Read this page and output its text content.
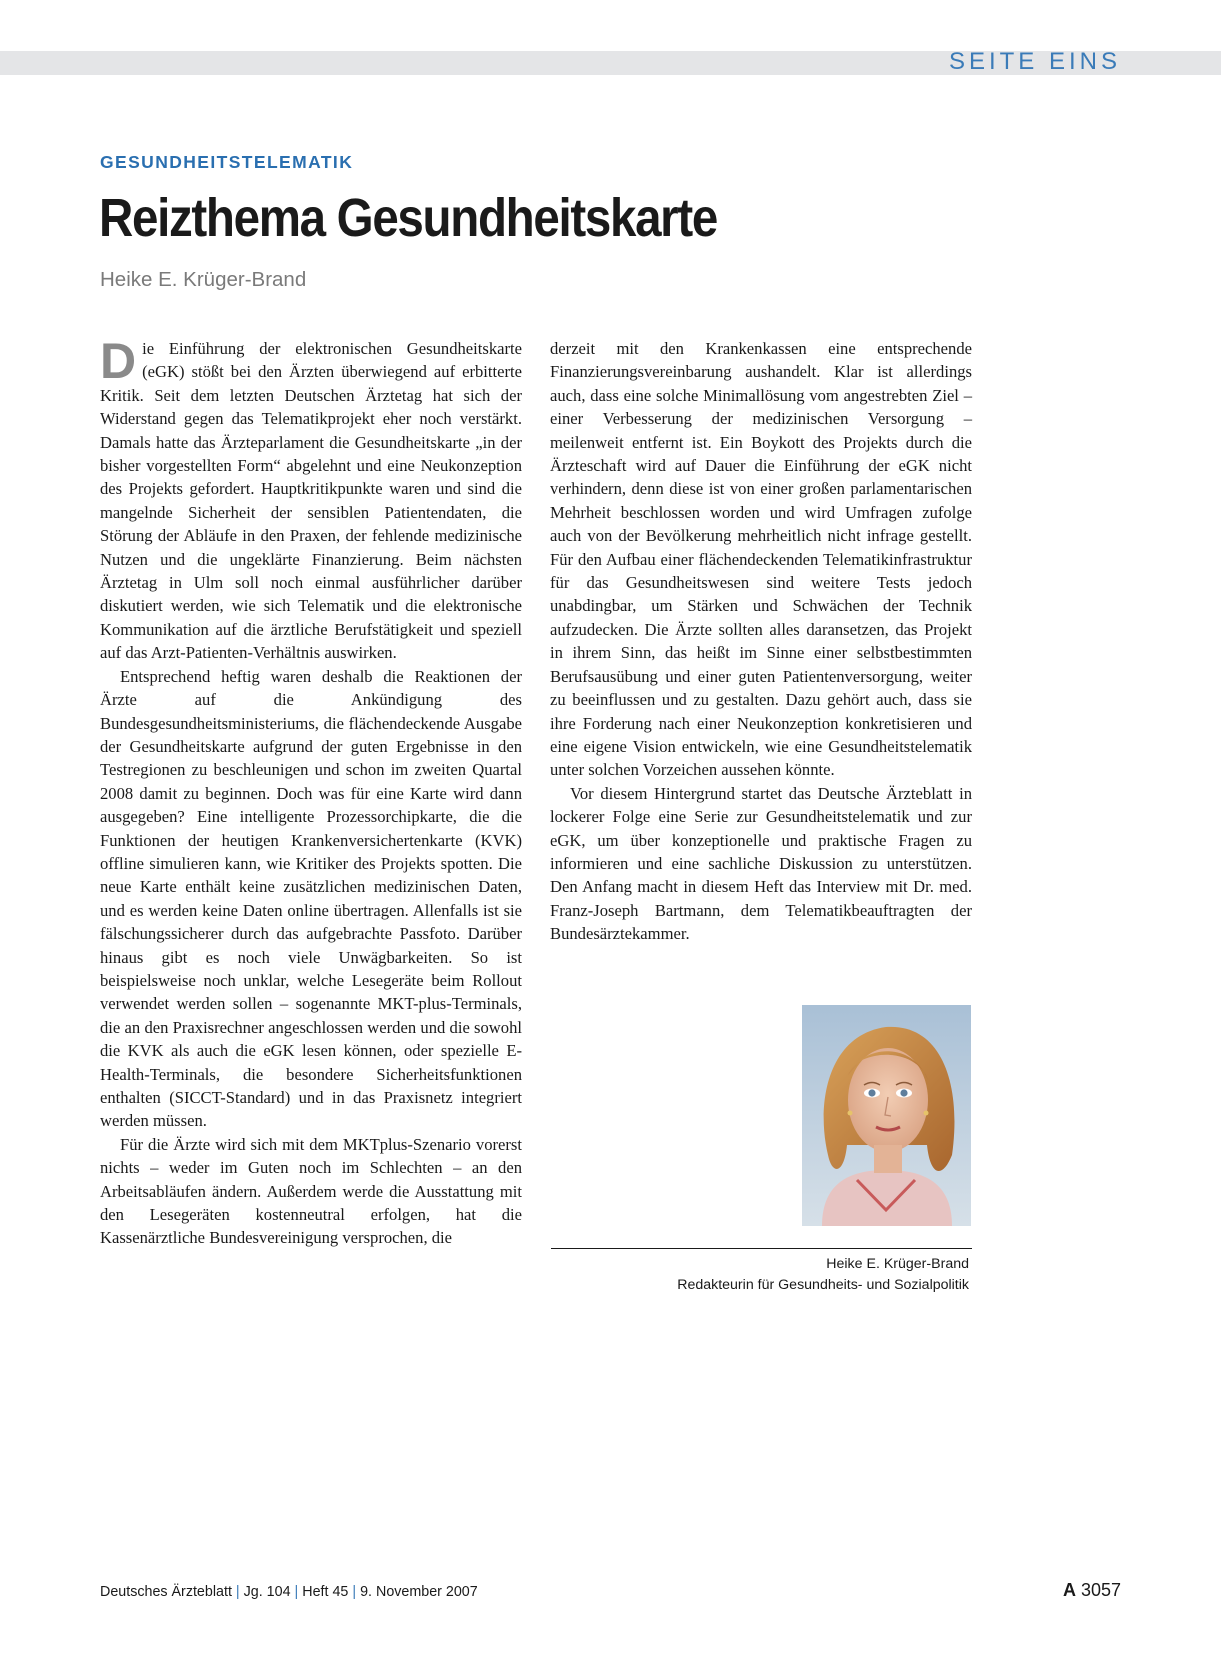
SEITE EINS
GESUNDHEITSTELEMATIK
Reizthema Gesundheitskarte
Heike E. Krüger-Brand

Die Einführung der elektronischen Gesundheitskarte (eGK) stößt bei den Ärzten überwiegend auf erbitterte Kritik. Seit dem letzten Deutschen Ärztetag hat sich der Widerstand gegen das Telematikprojekt eher noch verstärkt. Damals hatte das Ärzteparlament die Gesundheitskarte „in der bisher vorgestellten Form“ abgelehnt und eine Neukonzeption des Projekts gefordert. Hauptkritikpunkte waren und sind die mangelnde Sicherheit der sensiblen Patientendaten, die Störung der Abläufe in den Praxen, der fehlende medizinische Nutzen und die ungeklärte Finanzierung. Beim nächsten Ärztetag in Ulm soll noch einmal ausführlicher darüber diskutiert werden, wie sich Telematik und die elektronische Kommunikation auf die ärztliche Berufstätigkeit und speziell auf das Arzt-Patienten-Verhältnis auswirken.

Entsprechend heftig waren deshalb die Reaktionen der Ärzte auf die Ankündigung des Bundesgesundheitsministeriums, die flächendeckende Ausgabe der Gesundheitskarte aufgrund der guten Ergebnisse in den Testregionen zu beschleunigen und schon im zweiten Quartal 2008 damit zu beginnen. Doch was für eine Karte wird dann ausgegeben? Eine intelligente Prozessorchipkarte, die die Funktionen der heutigen Krankenversichertenkarte (KVK) offline simulieren kann, wie Kritiker des Projekts spotten. Die neue Karte enthält keine zusätzlichen medizinischen Daten, und es werden keine Daten online übertragen. Allenfalls ist sie fälschungssicherer durch das aufgebrachte Passfoto. Darüber hinaus gibt es noch viele Unwägbarkeiten. So ist beispielsweise noch unklar, welche Lesegeräte beim Rollout verwendet werden sollen – sogenannte MKT-plus-Terminals, die an den Praxisrechner angeschlossen werden und die sowohl die KVK als auch die eGK lesen können, oder spezielle E-Health-Terminals, die besondere Sicherheitsfunktionen enthalten (SICCT-Standard) und in das Praxisnetz integriert werden müssen.

Für die Ärzte wird sich mit dem MKTplus-Szenario vorerst nichts – weder im Guten noch im Schlechten – an den Arbeitsabläufen ändern. Außerdem werde die Ausstattung mit den Lesegeräten kostenneutral erfolgen, hat die Kassenärztliche Bundesvereinigung versprochen, die

derzeit mit den Krankenkassen eine entsprechende Finanzierungsvereinbarung aushandelt. Klar ist allerdings auch, dass eine solche Minimallösung vom angestrebten Ziel – einer Verbesserung der medizinischen Versorgung – meilenweit entfernt ist. Ein Boykott des Projekts durch die Ärzteschaft wird auf Dauer die Einführung der eGK nicht verhindern, denn diese ist von einer großen parlamentarischen Mehrheit beschlossen worden und wird Umfragen zufolge auch von der Bevölkerung mehrheitlich nicht infrage gestellt. Für den Aufbau einer flächendeckenden Telematikinfrastruktur für das Gesundheitswesen sind weitere Tests jedoch unabdingbar, um Stärken und Schwächen der Technik aufzudecken. Die Ärzte sollten alles daransetzen, das Projekt in ihrem Sinn, das heißt im Sinne einer selbstbestimmten Berufsausübung und einer guten Patientenversorgung, weiter zu beeinflussen und zu gestalten. Dazu gehört auch, dass sie ihre Forderung nach einer Neukonzeption konkretisieren und eine eigene Vision entwickeln, wie eine Gesundheitstelematik unter solchen Vorzeichen aussehen könnte.

Vor diesem Hintergrund startet das Deutsche Ärzteblatt in lockerer Folge eine Serie zur Gesundheitstelematik und zur eGK, um über konzeptionelle und praktische Fragen zu informieren und eine sachliche Diskussion zu unterstützen. Den Anfang macht in diesem Heft das Interview mit Dr. med. Franz-Joseph Bartmann, dem Telematikbeauftragten der Bundesärztekammer.

Heike E. Krüger-Brand
Redakteurin für Gesundheits- und Sozialpolitik
Deutsches Ärzteblatt | Jg. 104 | Heft 45 | 9. November 2007	A 3057
